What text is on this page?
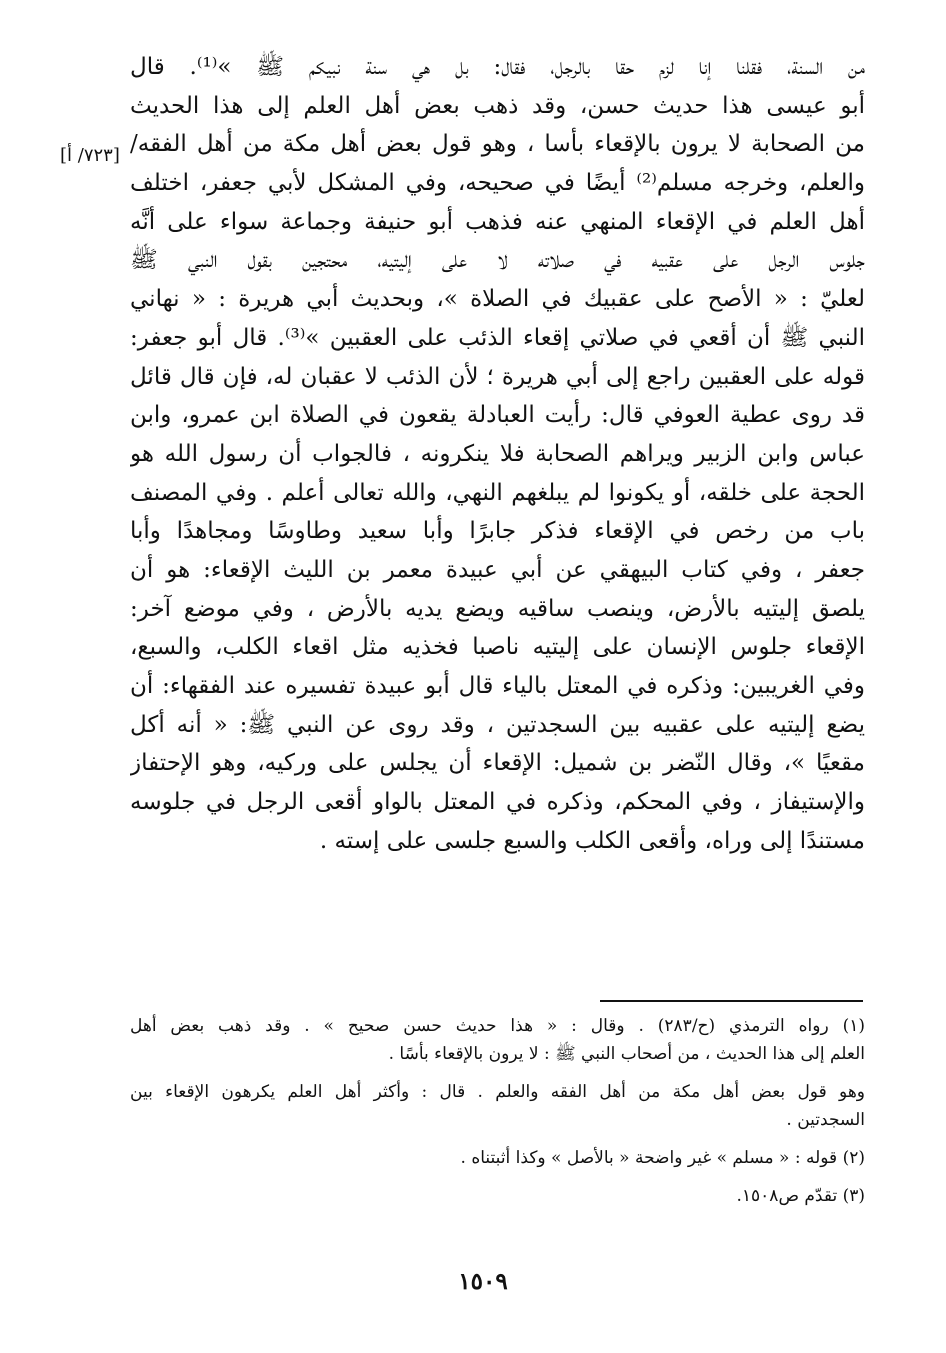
[٧٢٣/ أ]
من السنة، فقلنا إنا لزم حقا بالرجل، فقال: بل هي سنة نبيكم ﷺ »⁽¹⁾. قال
أبو عيسى هذا حديث حسن، وقد ذهب بعض أهل العلم إلى هذا الحديث
من الصحابة لا يرون بالإقعاء بأسا ، وهو قول بعض أهل مكة من أهل الفقه/
والعلم، وخرجه مسلم⁽²⁾ أيضًا في صحيحه، وفي المشكل لأبي جعفر، اختلف
أهل العلم في الإقعاء المنهي عنه فذهب أبو حنيفة وجماعة سواء على أنَّه
جلوس الرجل على عقبيه في صلاته لا على إليتيه، محتجين بقول النبي ﷺ
لعليّ : « الأصح على عقبيك في الصلاة »، وبحديث أبي هريرة : « نهاني
النبي ﷺ أن أقعي في صلاتي إقعاء الذئب على العقبين »⁽³⁾. قال أبو جعفر:
قوله على العقبين راجع إلى أبي هريرة ؛ لأن الذئب لا عقبان له، فإن قال قائل
قد روى عطية العوفي قال: رأيت العبادلة يقعون في الصلاة ابن عمرو، وابن
عباس وابن الزبير ويراهم الصحابة فلا ينكرونه ، فالجواب أن رسول الله هو
الحجة على خلقه، أو يكونوا لم يبلغهم النهي، والله تعالى أعلم . وفي المصنف
باب من رخص في الإقعاء فذكر جابرًا وأبا سعيد وطاوسًا ومجاهدًا وأبا
جعفر ، وفي كتاب البيهقي عن أبي عبيدة معمر بن الليث الإقعاء: هو أن
يلصق إليتيه بالأرض، وينصب ساقيه ويضع يديه بالأرض ، وفي موضع آخر:
الإقعاء جلوس الإنسان على إليتيه ناصبا فخذيه مثل اقعاء الكلب، والسبع،
وفي الغريبين: وذكره في المعتل بالياء قال أبو عبيدة تفسيره عند الفقهاء: أن
يضع إليتيه على عقبيه بين السجدتين ، وقد روى عن النبي ﷺ: « أنه أكل
مقعيًا »، وقال النّضر بن شميل: الإقعاء أن يجلس على وركيه، وهو الإحتفاز
والإستيفاز ، وفي المحكم، وذكره في المعتل بالواو أقعى الرجل في جلوسه
مستندًا إلى وراه، وأقعى الكلب والسبع جلسى على إسته .
(١) رواه الترمذي (ح/٢٨٣) . وقال : « هذا حديث حسن صحيح » . وقد ذهب بعض أهل
العلم إلى هذا الحديث ، من أصحاب النبي ﷺ : لا يرون بالإقعاء بأسًا .
وهو قول بعض أهل مكة من أهل الفقه والعلم . قال : وأكثر أهل العلم يكرهون الإقعاء بين
السجدتين .
(٢) قوله : « مسلم » غير واضحة « بالأصل » وكذا أثبتناه .
(٣) تقدّم ص١٥٠٨.
١٥٠٩
